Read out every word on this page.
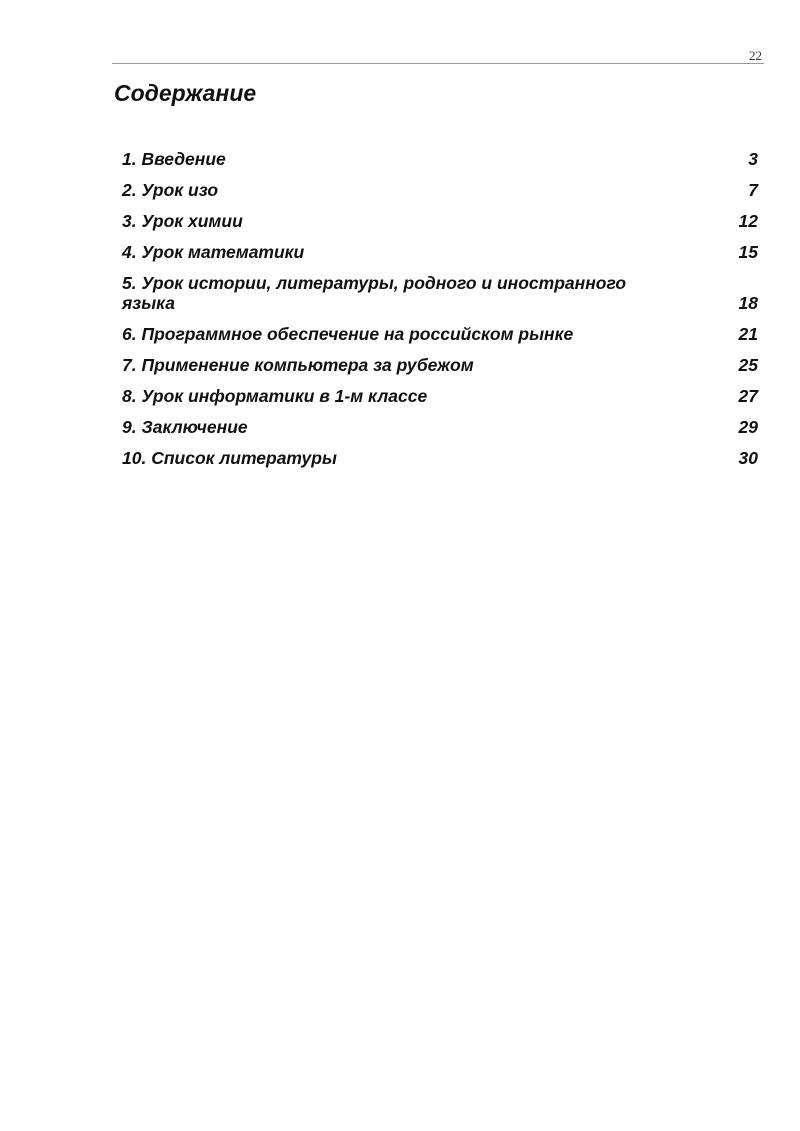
22
Содержание
1. Введение	3
2. Урок изо	7
3. Урок химии	12
4. Урок математики	15
5. Урок истории, литературы, родного и иностранного языка	18
6. Программное обеспечение на российском рынке	21
7. Применение компьютера за рубежом	25
8. Урок информатики в 1-м классе	27
9. Заключение	29
10. Список литературы	30
